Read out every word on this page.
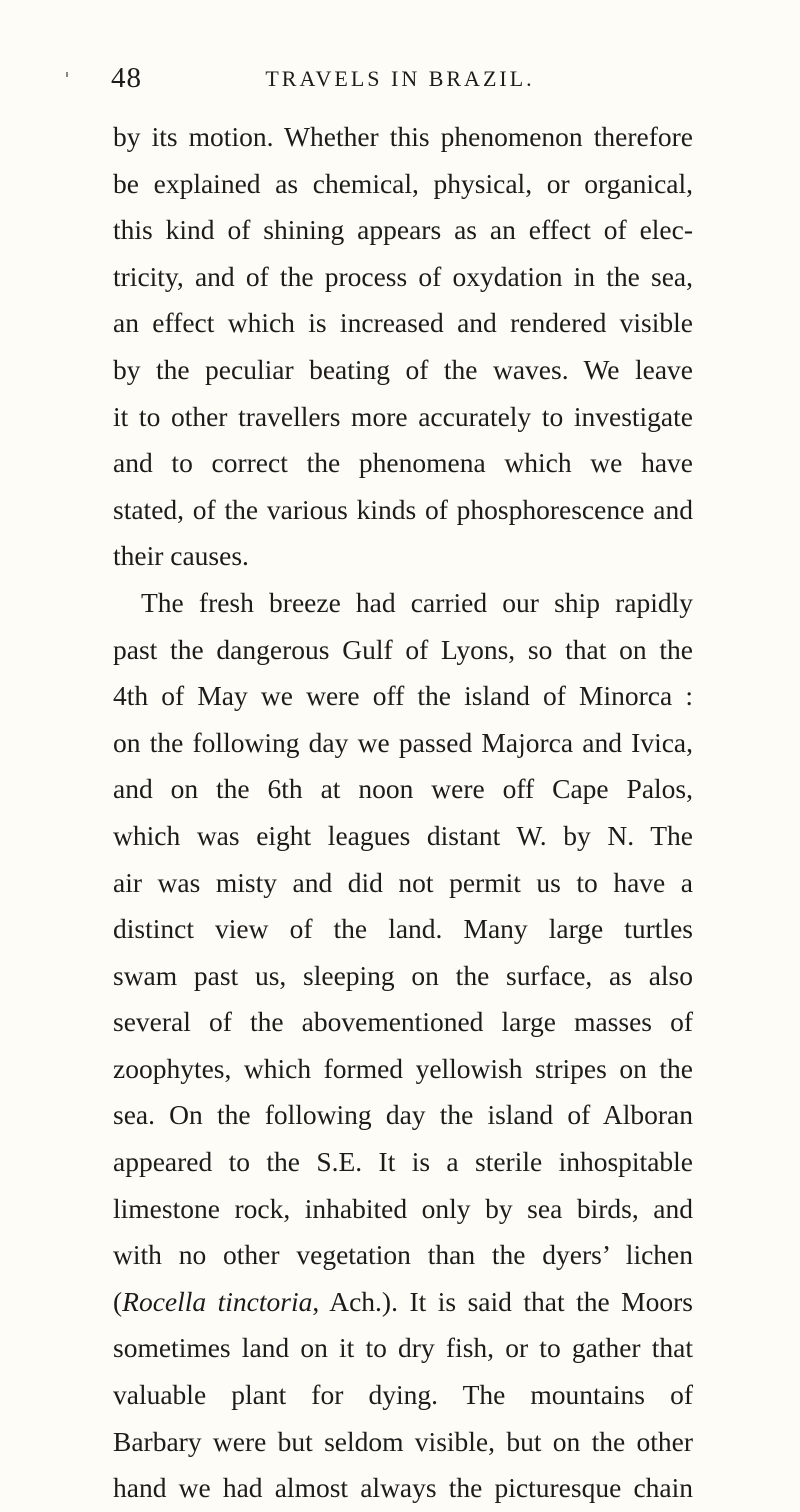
48	TRAVELS IN BRAZIL.
by its motion. Whether this phenomenon therefore
be explained as chemical, physical, or organical,
this kind of shining appears as an effect of elec-
tricity, and of the process of oxydation in the sea,
an effect which is increased and rendered visible
by the peculiar beating of the waves. We leave
it to other travellers more accurately to investigate
and to correct the phenomena which we have
stated, of the various kinds of phosphorescence and
their causes.
The fresh breeze had carried our ship rapidly
past the dangerous Gulf of Lyons, so that on the
4th of May we were off the island of Minorca :
on the following day we passed Majorca and Ivica,
and on the 6th at noon were off Cape Palos,
which was eight leagues distant W. by N. The
air was misty and did not permit us to have a
distinct view of the land. Many large turtles
swam past us, sleeping on the surface, as also
several of the abovementioned large masses of
zoophytes, which formed yellowish stripes on the
sea. On the following day the island of Alboran
appeared to the S.E. It is a sterile inhospitable
limestone rock, inhabited only by sea birds, and
with no other vegetation than the dyers’ lichen
(Rocella tinctoria, Ach.). It is said that the Moors
sometimes land on it to dry fish, or to gather that
valuable plant for dying. The mountains of
Barbary were but seldom visible, but on the other
hand we had almost always the picturesque chain
